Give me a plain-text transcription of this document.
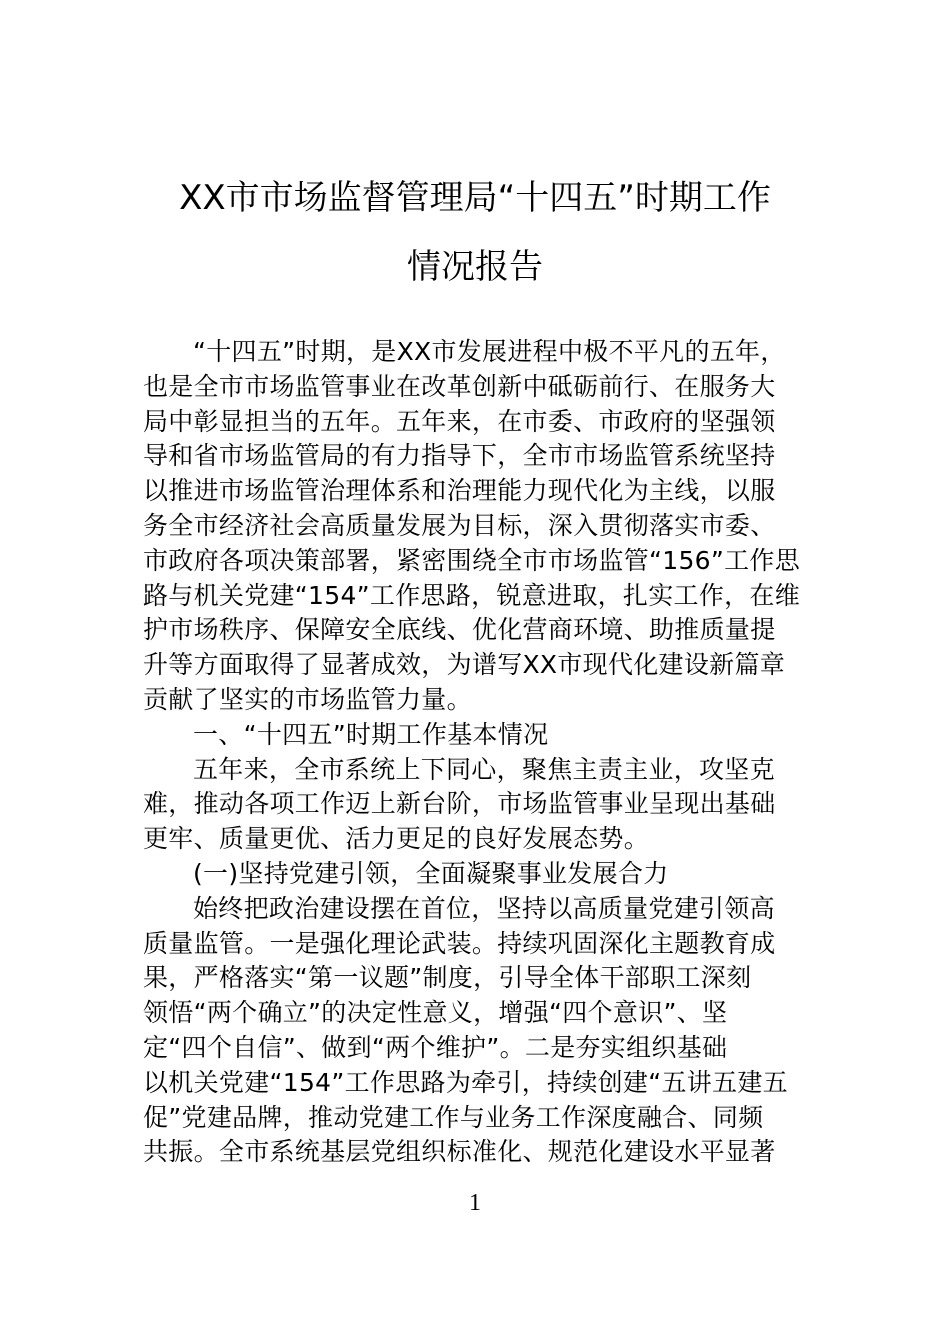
XX市市场监督管理局“十四五”时期工作
情况报告
“十四五”时期，是XX市发展进程中极不平凡的五年，
也是全市市场监管事业在改革创新中砥砺前行、在服务大
局中彰显担当的五年。五年来，在市委、市政府的坚强领
导和省市场监管局的有力指导下，全市市场监管系统坚持
以推进市场监管治理体系和治理能力现代化为主线，以服
务全市经济社会高质量发展为目标，深入贯彻落实市委、
市政府各项决策部署，紧密围绕全市市场监管“156”工作思
路与机关党建“154”工作思路，锐意进取，扎实工作，在维
护市场秩序、保障安全底线、优化营商环境、助推质量提
升等方面取得了显著成效，为谱写XX市现代化建设新篇章
贡献了坚实的市场监管力量。
一、“十四五”时期工作基本情况
五年来，全市系统上下同心，聚焦主责主业，攻坚克
难，推动各项工作迈上新台阶，市场监管事业呈现出基础
更牢、质量更优、活力更足的良好发展态势。
(一)坚持党建引领，全面凝聚事业发展合力
始终把政治建设摆在首位，坚持以高质量党建引领高
质量监管。一是强化理论武装。持续巩固深化主题教育成
果，严格落实“第一议题”制度，引导全体干部职工深刻
领悟“两个确立”的决定性意义，增强“四个意识”、坚
定“四个自信”、做到“两个维护”。二是夯实组织基础
以机关党建“154”工作思路为牵引，持续创建“五讲五建五
促”党建品牌，推动党建工作与业务工作深度融合、同频
共振。全市系统基层党组织标准化、规范化建设水平显著
1
